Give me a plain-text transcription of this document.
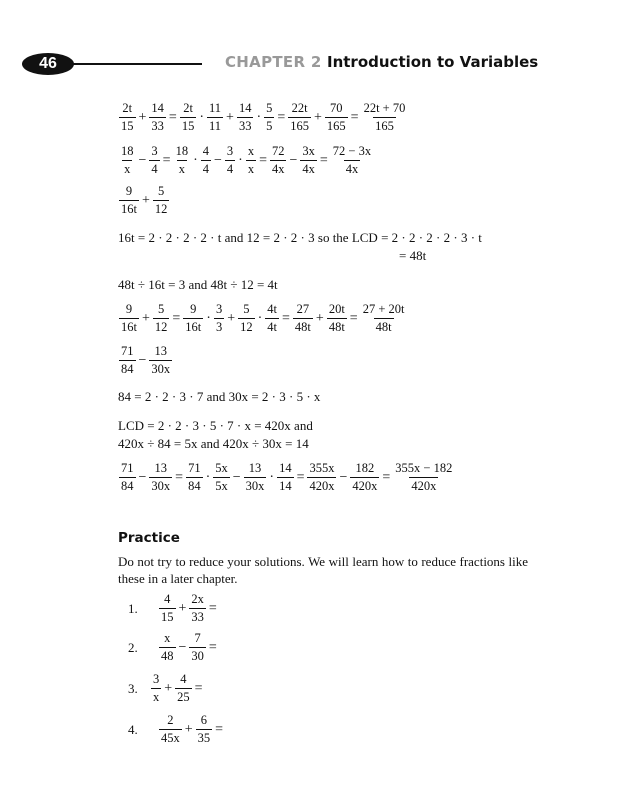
46	CHAPTER 2 Introduction to Variables
$\frac{2t}{15} + \frac{14}{33} = \frac{2t}{15} \cdot \frac{11}{11} + \frac{14}{33} \cdot \frac{5}{5} = \frac{22t}{165} + \frac{70}{165} = \frac{22t + 70}{165}$
$\frac{18}{x} - \frac{3}{4} = \frac{18}{x} \cdot \frac{4}{4} - \frac{3}{4} \cdot \frac{x}{x} = \frac{72}{4x} - \frac{3x}{4x} = \frac{72 - 3x}{4x}$
$\frac{9}{16t} + \frac{5}{12}$
16t = 2 · 2 · 2 · 2 · t and 12 = 2 · 2 · 3 so the LCD = 2 · 2 · 2 · 2 · 3 · t
= 48t
48t ÷ 16t = 3 and 48t ÷ 12 = 4t
$\frac{9}{16t} + \frac{5}{12} = \frac{9}{16t} \cdot \frac{3}{3} + \frac{5}{12} \cdot \frac{4t}{4t} = \frac{27}{48t} + \frac{20t}{48t} = \frac{27 + 20t}{48t}$
$\frac{71}{84} - \frac{13}{30x}$
84 = 2 · 2 · 3 · 7 and 30x = 2 · 3 · 5 · x
LCD = 2 · 2 · 3 · 5 · 7 · x = 420x and
420x ÷ 84 = 5x and 420x ÷ 30x = 14
$\frac{71}{84} - \frac{13}{30x} = \frac{71}{84} \cdot \frac{5x}{5x} - \frac{13}{30x} \cdot \frac{14}{14} = \frac{355x}{420x} - \frac{182}{420x} = \frac{355x - 182}{420x}$
Practice
Do not try to reduce your solutions. We will learn how to reduce fractions like these in a later chapter.
1.	$\frac{4}{15} + \frac{2x}{33}$ =
2.	$\frac{x}{48} - \frac{7}{30}$ =
3.	$\frac{3}{x} + \frac{4}{25}$ =
4.	$\frac{2}{45x} + \frac{6}{35}$ =
